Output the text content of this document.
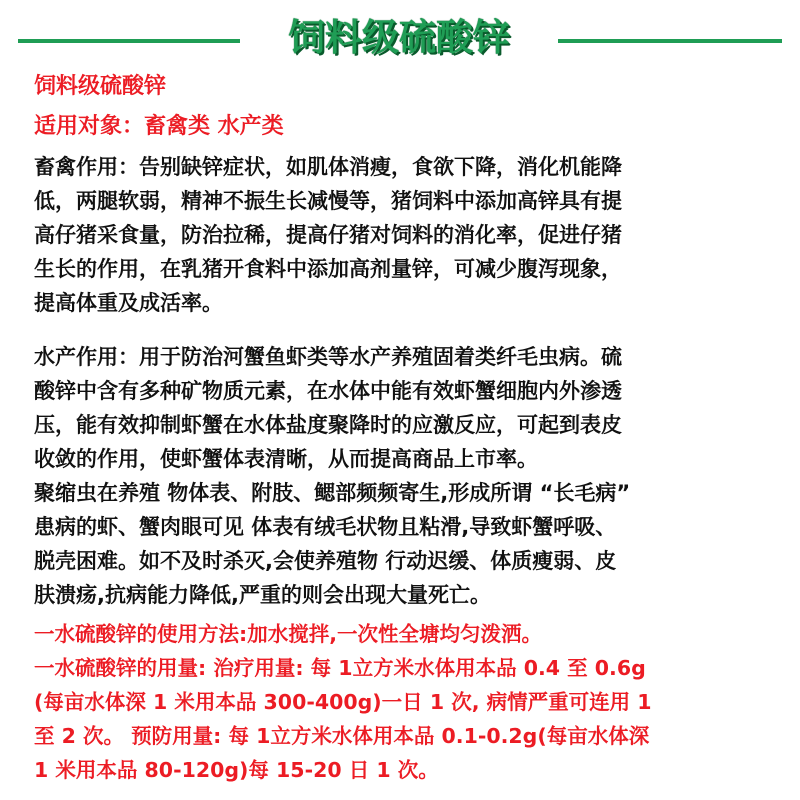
饲料级硫酸锌
饲料级硫酸锌
适用对象：畜禽类 水产类
畜禽作用：告别缺锌症状，如肌体消瘦，食欲下降，消化机能降
低，两腿软弱，精神不振生长减慢等，猪饲料中添加高锌具有提
高仔猪采食量，防治拉稀，提高仔猪对饲料的消化率，促进仔猪
生长的作用，在乳猪开食料中添加高剂量锌，可减少腹泻现象，
提高体重及成活率。
水产作用：用于防治河蟹鱼虾类等水产养殖固着类纤毛虫病。硫
酸锌中含有多种矿物质元素，在水体中能有效虾蟹细胞内外渗透
压，能有效抑制虾蟹在水体盐度聚降时的应激反应，可起到表皮
收敛的作用，使虾蟹体表清晰，从而提高商品上市率。
聚缩虫在养殖 物体表、附肢、鳃部频频寄生,形成所谓 “长毛病”
患病的虾、蟹肉眼可见 体表有绒毛状物且粘滑,导致虾蟹呼吸、
脱壳困难。如不及时杀灭,会使养殖物 行动迟缓、体质瘦弱、皮
肤溃疡,抗病能力降低,严重的则会出现大量死亡。
一水硫酸锌的使用方法:加水搅拌,一次性全塘均匀泼洒。
一水硫酸锌的用量: 治疗用量: 每 1立方米水体用本品 0.4 至 0.6g
(每亩水体深 1 米用本品 300-400g)一日 1 次, 病情严重可连用 1
至 2 次。 预防用量: 每 1立方米水体用本品 0.1-0.2g(每亩水体深
1 米用本品 80-120g)每 15-20 日 1 次。
